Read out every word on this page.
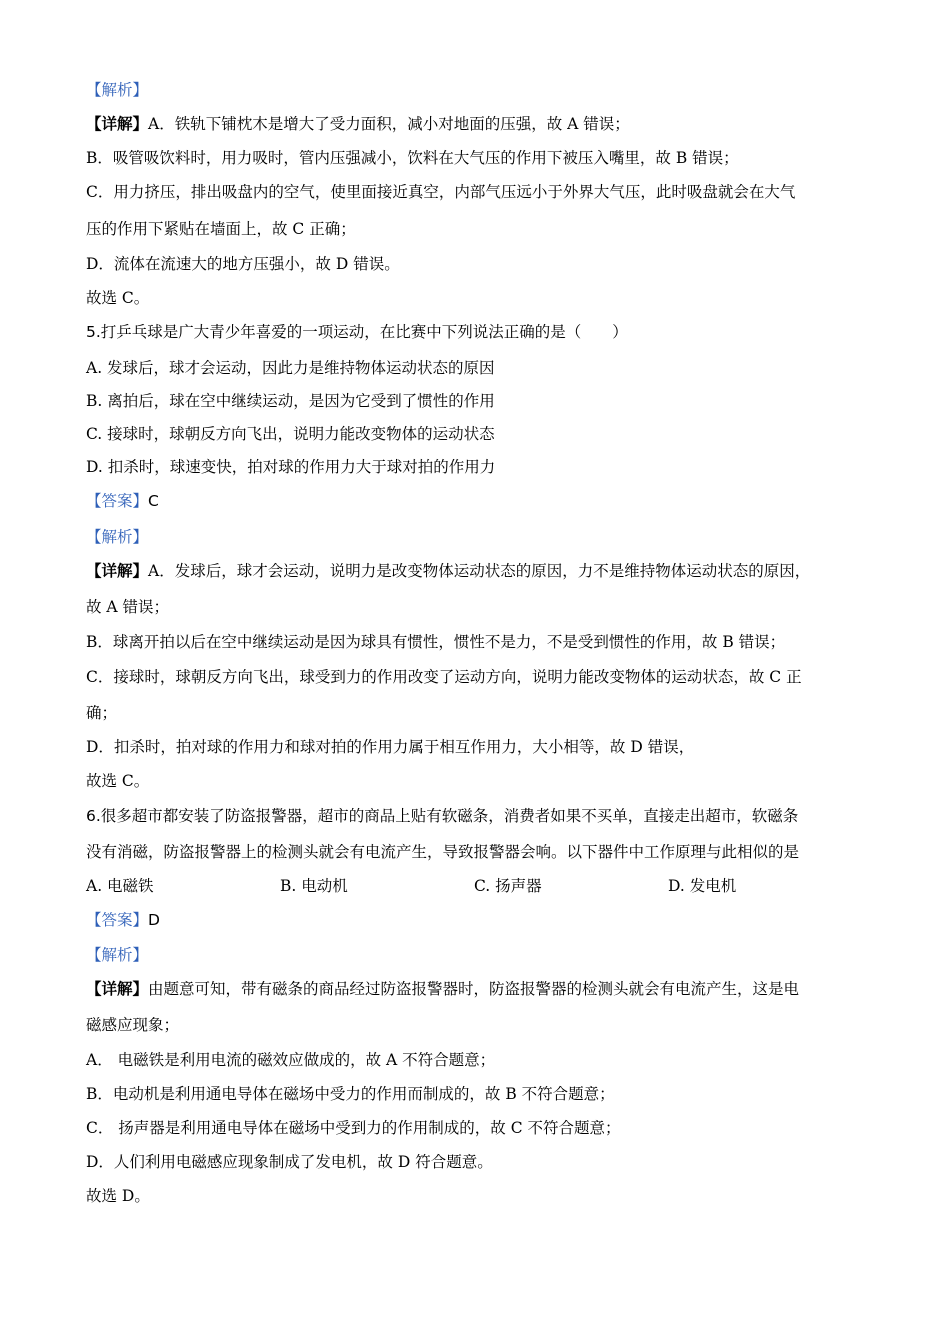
【解析】
【详解】A．铁轨下铺枕木是增大了受力面积，减小对地面的压强，故 A 错误；
B．吸管吸饮料时，用力吸时，管内压强减小，饮料在大气压的作用下被压入嘴里，故 B 错误；
C．用力挤压，排出吸盘内的空气，使里面接近真空，内部气压远小于外界大气压，此时吸盘就会在大气
压的作用下紧贴在墙面上，故 C 正确；
D．流体在流速大的地方压强小，故 D 错误。
故选 C。
5.打乒乓球是广大青少年喜爱的一项运动，在比赛中下列说法正确的是（　　）
A. 发球后，球才会运动，因此力是维持物体运动状态的原因
B. 离拍后，球在空中继续运动，是因为它受到了惯性的作用
C. 接球时，球朝反方向飞出，说明力能改变物体的运动状态
D. 扣杀时，球速变快，拍对球的作用力大于球对拍的作用力
【答案】C
【解析】
【详解】A．发球后，球才会运动，说明力是改变物体运动状态的原因，力不是维持物体运动状态的原因，
故 A 错误；
B．球离开拍以后在空中继续运动是因为球具有惯性，惯性不是力，不是受到惯性的作用，故 B 错误；
C．接球时，球朝反方向飞出，球受到力的作用改变了运动方向，说明力能改变物体的运动状态，故 C 正
确；
D．扣杀时，拍对球的作用力和球对拍的作用力属于相互作用力，大小相等，故 D 错误，
故选 C。
6.很多超市都安装了防盗报警器，超市的商品上贴有软磁条，消费者如果不买单，直接走出超市，软磁条
没有消磁，防盗报警器上的检测头就会有电流产生，导致报警器会响。以下器件中工作原理与此相似的是
A. 电磁铁	B. 电动机	C. 扬声器	D. 发电机
【答案】D
【解析】
【详解】由题意可知，带有磁条的商品经过防盗报警器时，防盗报警器的检测头就会有电流产生，这是电
磁感应现象；
A． 电磁铁是利用电流的磁效应做成的，故 A 不符合题意；
B．电动机是利用通电导体在磁场中受力的作用而制成的，故 B 不符合题意；
C． 扬声器是利用通电导体在磁场中受到力的作用制成的，故 C 不符合题意；
D．人们利用电磁感应现象制成了发电机，故 D 符合题意。
故选 D。
